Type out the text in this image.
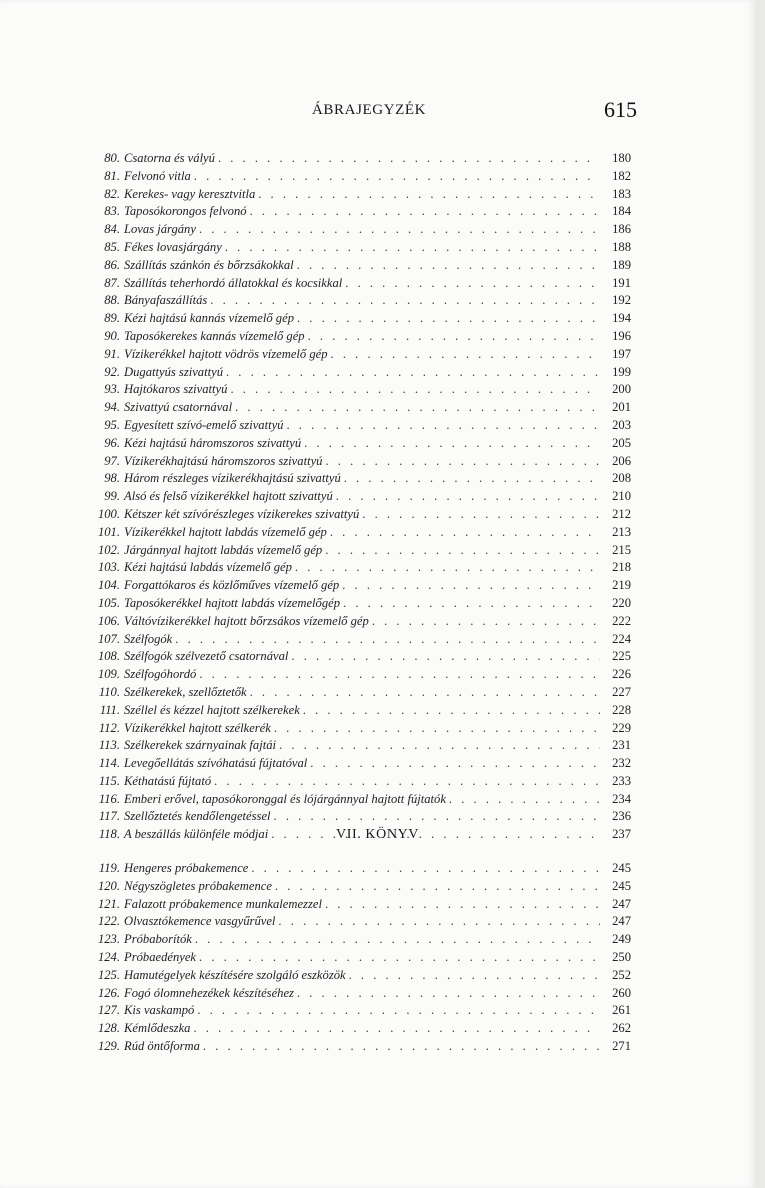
ÁBRAJEGYZÉK	615
80. Csatorna és vályú . . .	180
81. Felvonó vitla . . .	182
82. Kerekes- vagy keresztvitla . . .	183
83. Taposókorongos felvonó . . .	184
84. Lovas járgány . . .	186
85. Fékes lovasjárgány . . .	188
86. Szállítás szánkón és bőrzsákokkal . . .	189
87. Szállítás teherhordó állatokkal és kocsikkal . . .	191
88. Bányafaszállítás . . .	192
89. Kézi hajtású kannás vízemelő gép . . .	194
90. Taposókerekes kannás vízemelő gép . . .	196
91. Vízikerékkel hajtott vödrös vízemelő gép . . .	197
92. Dugattyús szivattyú . . .	199
93. Hajtókaros szivattyú . . .	200
94. Szivattyú csatornával . . .	201
95. Egyesített szívó-emelő szivattyú . . .	203
96. Kézi hajtású háromszoros szivattyú . . .	205
97. Vízikerékhajtású háromszoros szivattyú . . .	206
98. Három részleges vízikerékhajtású szivattyú . . .	208
99. Alsó és felső vízikerékkel hajtott szivattyú . . .	210
100. Kétszer két szívórészleges vízikerekes szivattyú . . .	212
101. Vízikerékkel hajtott labdás vízemelő gép . . .	213
102. Járgánnyal hajtott labdás vízemelő gép . . .	215
103. Kézi hajtású labdás vízemelő gép . . .	218
104. Forgattókaros és közlőműves vízemelő gép . . .	219
105. Taposókerékkel hajtott labdás vízemelőgép . . .	220
106. Váltóvízikerékkel hajtott bőrzsákos vízemelő gép . . .	222
107. Szélfogók . . .	224
108. Szélfogók szélvezető csatornával . . .	225
109. Szélfogóhordó . . .	226
110. Szélkerekek, szellőztetők . . .	227
111. Széllel és kézzel hajtott szélkerekek . . .	228
112. Vízikerékkel hajtott szélkerék . . .	229
113. Szélkerekek szárnyainak fajtái . . .	231
114. Levegőellátás szívóhatású fújtatóval . . .	232
115. Kéthatású fújtató . . .	233
116. Emberi erővel, taposókoronggal és lójárgánnyal hajtott fújtatók . . .	234
117. Szellőztetés kendőlengetéssel . . .	236
118. A beszállás különféle módjai . . .	237
VII. KÖNYV
119. Hengeres próbakemence . . .	245
120. Négyszögletes próbakemence . . .	245
121. Falazott próbakemence munkalemezzel . . .	247
122. Olvasztókemence vasgyűrűvel . . .	247
123. Próbaborítók . . .	249
124. Próbaedények . . .	250
125. Hamutégelyek készítésére szolgáló eszközök . . .	252
126. Fogó ólomnehezékek készítéséhez . . .	260
127. Kis vaskampó . . .	261
128. Kémlődeszka . . .	262
129. Rúd öntőforma . . .	271
